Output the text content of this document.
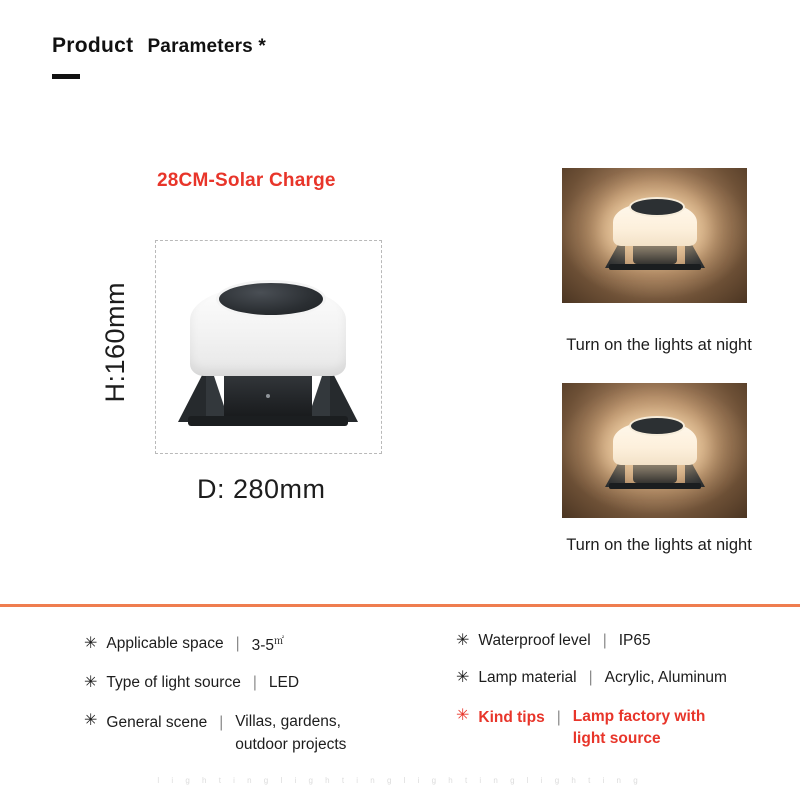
Product Parameters *
28CM-Solar Charge
H:160mm
D: 280mm
Turn on the lights at night
Turn on the lights at night
✳ Applicable space | 3-5㎡
✳ Type of light source | LED
✳ General scene | Villas, gardens, outdoor projects
✳ Waterproof level | IP65
✳ Lamp material | Acrylic, Aluminum
✳ Kind tips | Lamp factory with light source
l i g h t i n g l i g h t i n g l i g h t i n g l i g h t i n g
